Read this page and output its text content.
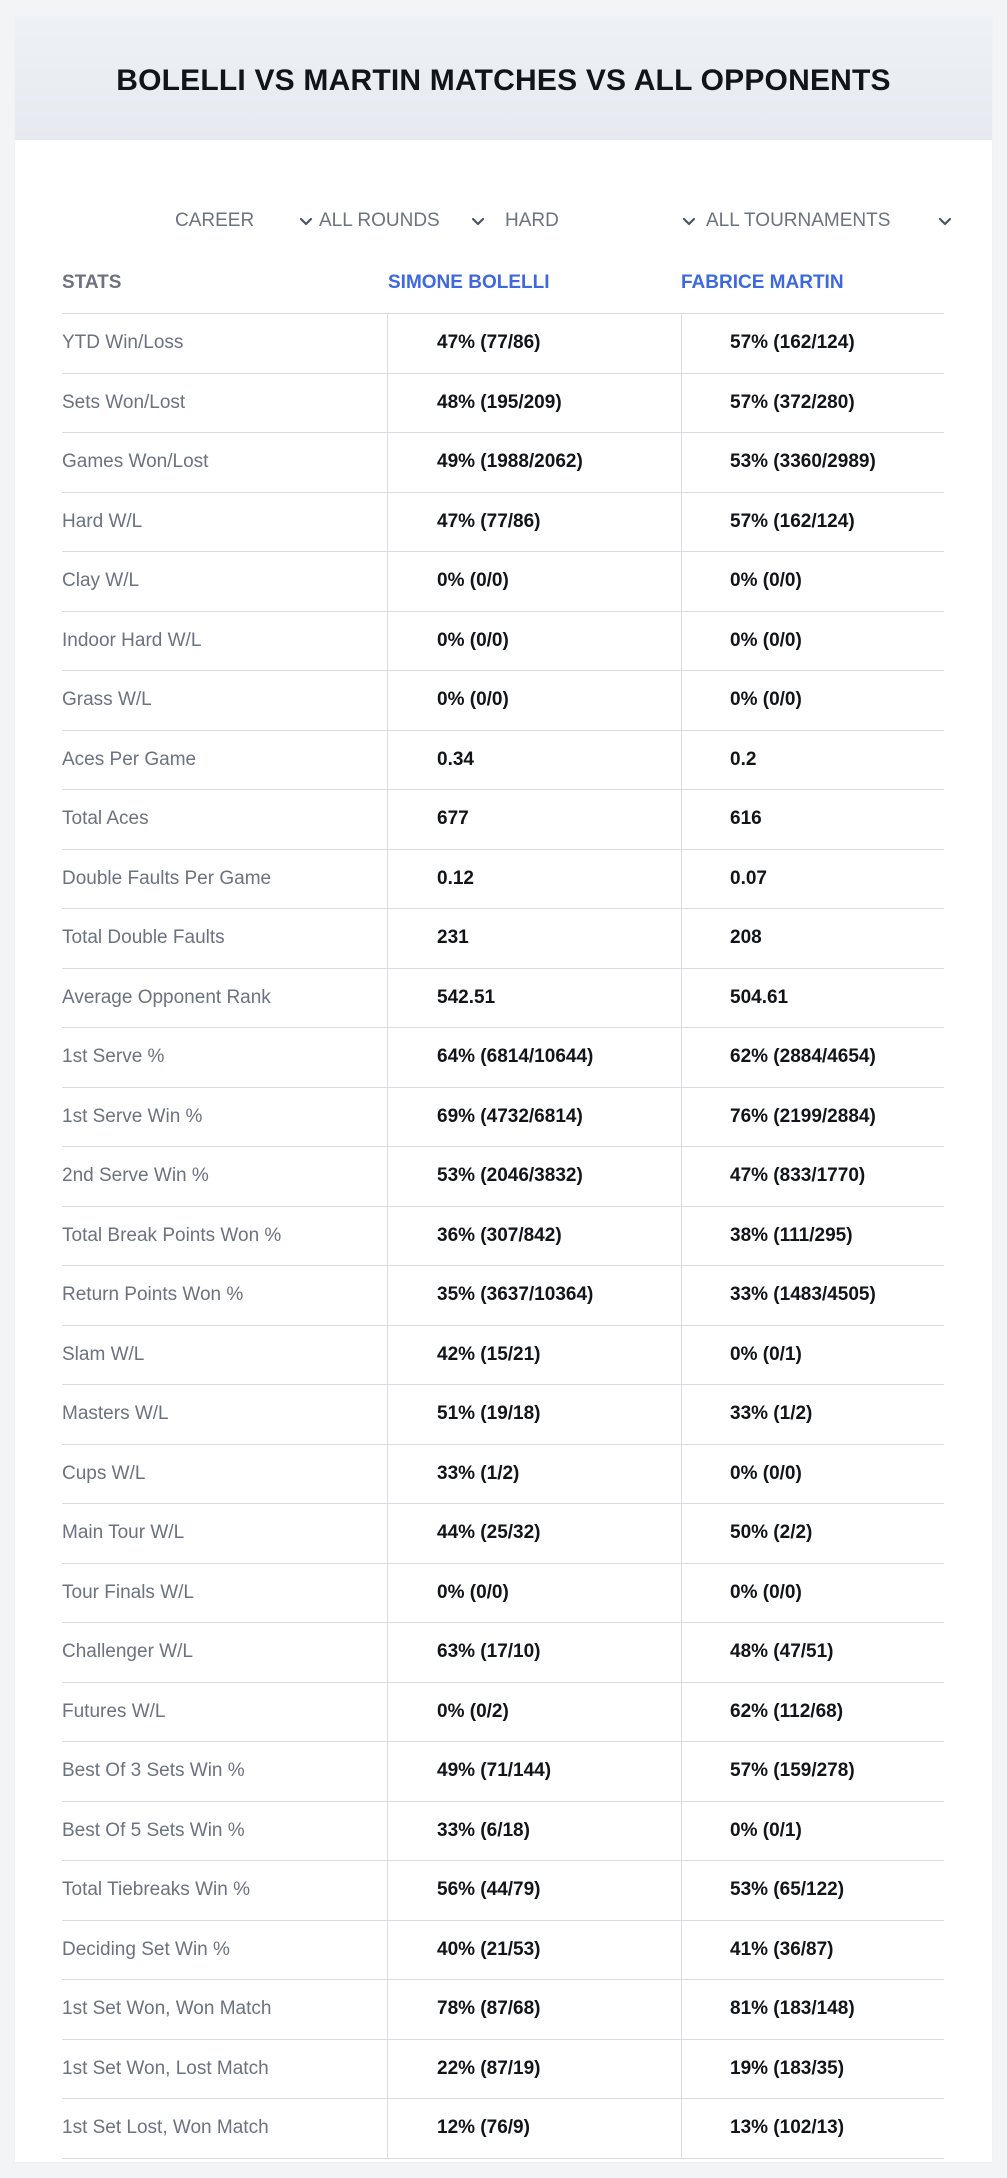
BOLELLI VS MARTIN MATCHES VS ALL OPPONENTS
CAREER	ALL ROUNDS	HARD	ALL TOURNAMENTS
STATS	SIMONE BOLELLI	FABRICE MARTIN
YTD Win/Loss	47% (77/86)	57% (162/124)
Sets Won/Lost	48% (195/209)	57% (372/280)
Games Won/Lost	49% (1988/2062)	53% (3360/2989)
Hard W/L	47% (77/86)	57% (162/124)
Clay W/L	0% (0/0)	0% (0/0)
Indoor Hard W/L	0% (0/0)	0% (0/0)
Grass W/L	0% (0/0)	0% (0/0)
Aces Per Game	0.34	0.2
Total Aces	677	616
Double Faults Per Game	0.12	0.07
Total Double Faults	231	208
Average Opponent Rank	542.51	504.61
1st Serve %	64% (6814/10644)	62% (2884/4654)
1st Serve Win %	69% (4732/6814)	76% (2199/2884)
2nd Serve Win %	53% (2046/3832)	47% (833/1770)
Total Break Points Won %	36% (307/842)	38% (111/295)
Return Points Won %	35% (3637/10364)	33% (1483/4505)
Slam W/L	42% (15/21)	0% (0/1)
Masters W/L	51% (19/18)	33% (1/2)
Cups W/L	33% (1/2)	0% (0/0)
Main Tour W/L	44% (25/32)	50% (2/2)
Tour Finals W/L	0% (0/0)	0% (0/0)
Challenger W/L	63% (17/10)	48% (47/51)
Futures W/L	0% (0/2)	62% (112/68)
Best Of 3 Sets Win %	49% (71/144)	57% (159/278)
Best Of 5 Sets Win %	33% (6/18)	0% (0/1)
Total Tiebreaks Win %	56% (44/79)	53% (65/122)
Deciding Set Win %	40% (21/53)	41% (36/87)
1st Set Won, Won Match	78% (87/68)	81% (183/148)
1st Set Won, Lost Match	22% (87/19)	19% (183/35)
1st Set Lost, Won Match	12% (76/9)	13% (102/13)
